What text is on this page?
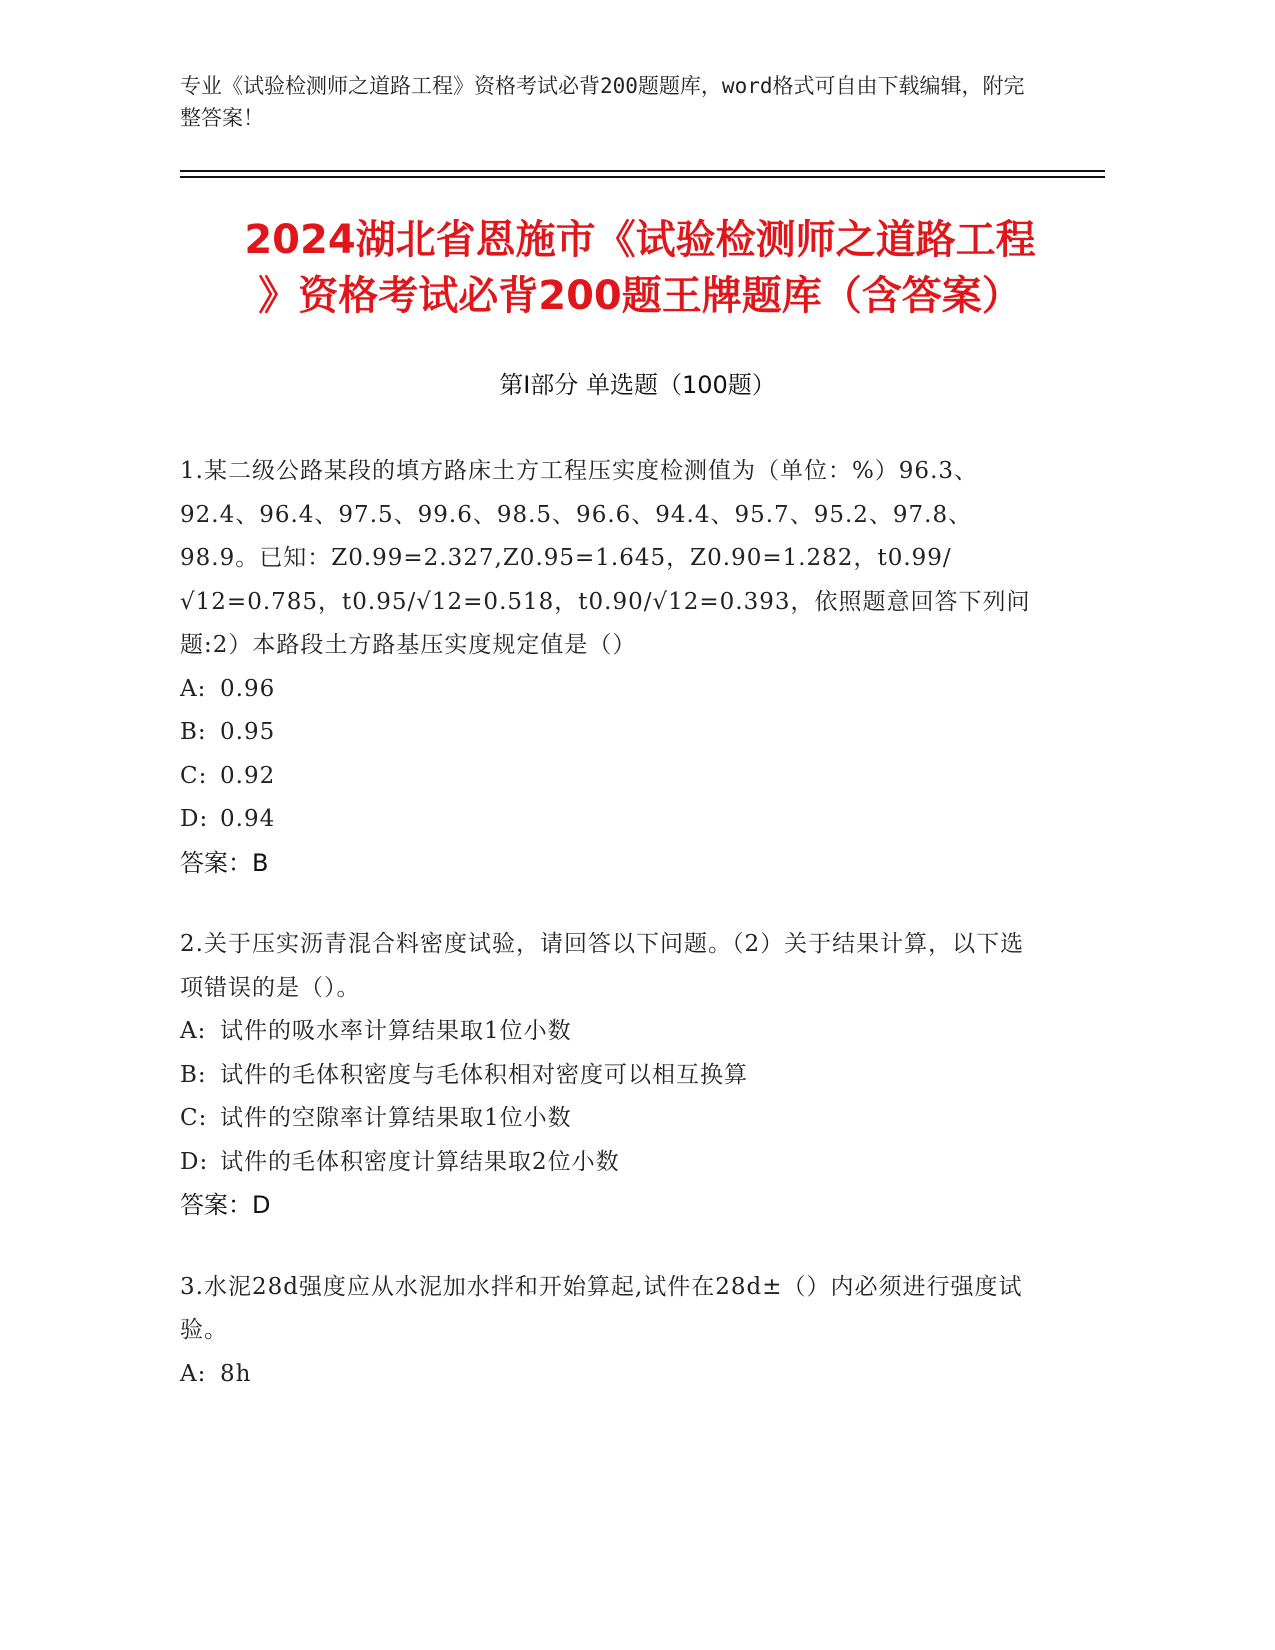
专业《试验检测师之道路工程》资格考试必背200题题库，word格式可自由下载编辑，附完整答案！
2024湖北省恩施市《试验检测师之道路工程
》资格考试必背200题王牌题库（含答案）
第Ⅰ部分 单选题（100题）
1.某二级公路某段的填方路床土方工程压实度检测值为（单位：%）96.3、92.4、96.4、97.5、99.6、98.5、96.6、94.4、95.7、95.2、97.8、98.9。已知：Z0.99=2.327,Z0.95=1.645，Z0.90=1.282，t0.99/√12=0.785，t0.95/√12=0.518，t0.90/√12=0.393，依照题意回答下列问题:2）本路段土方路基压实度规定值是（）
A: 0.96
B: 0.95
C: 0.92
D: 0.94
答案：B
2.关于压实沥青混合料密度试验，请回答以下问题。（2）关于结果计算，以下选项错误的是（）。
A: 试件的吸水率计算结果取1位小数
B: 试件的毛体积密度与毛体积相对密度可以相互换算
C: 试件的空隙率计算结果取1位小数
D: 试件的毛体积密度计算结果取2位小数
答案：D
3.水泥28d强度应从水泥加水拌和开始算起,试件在28d±（）内必须进行强度试验。
A: 8h
